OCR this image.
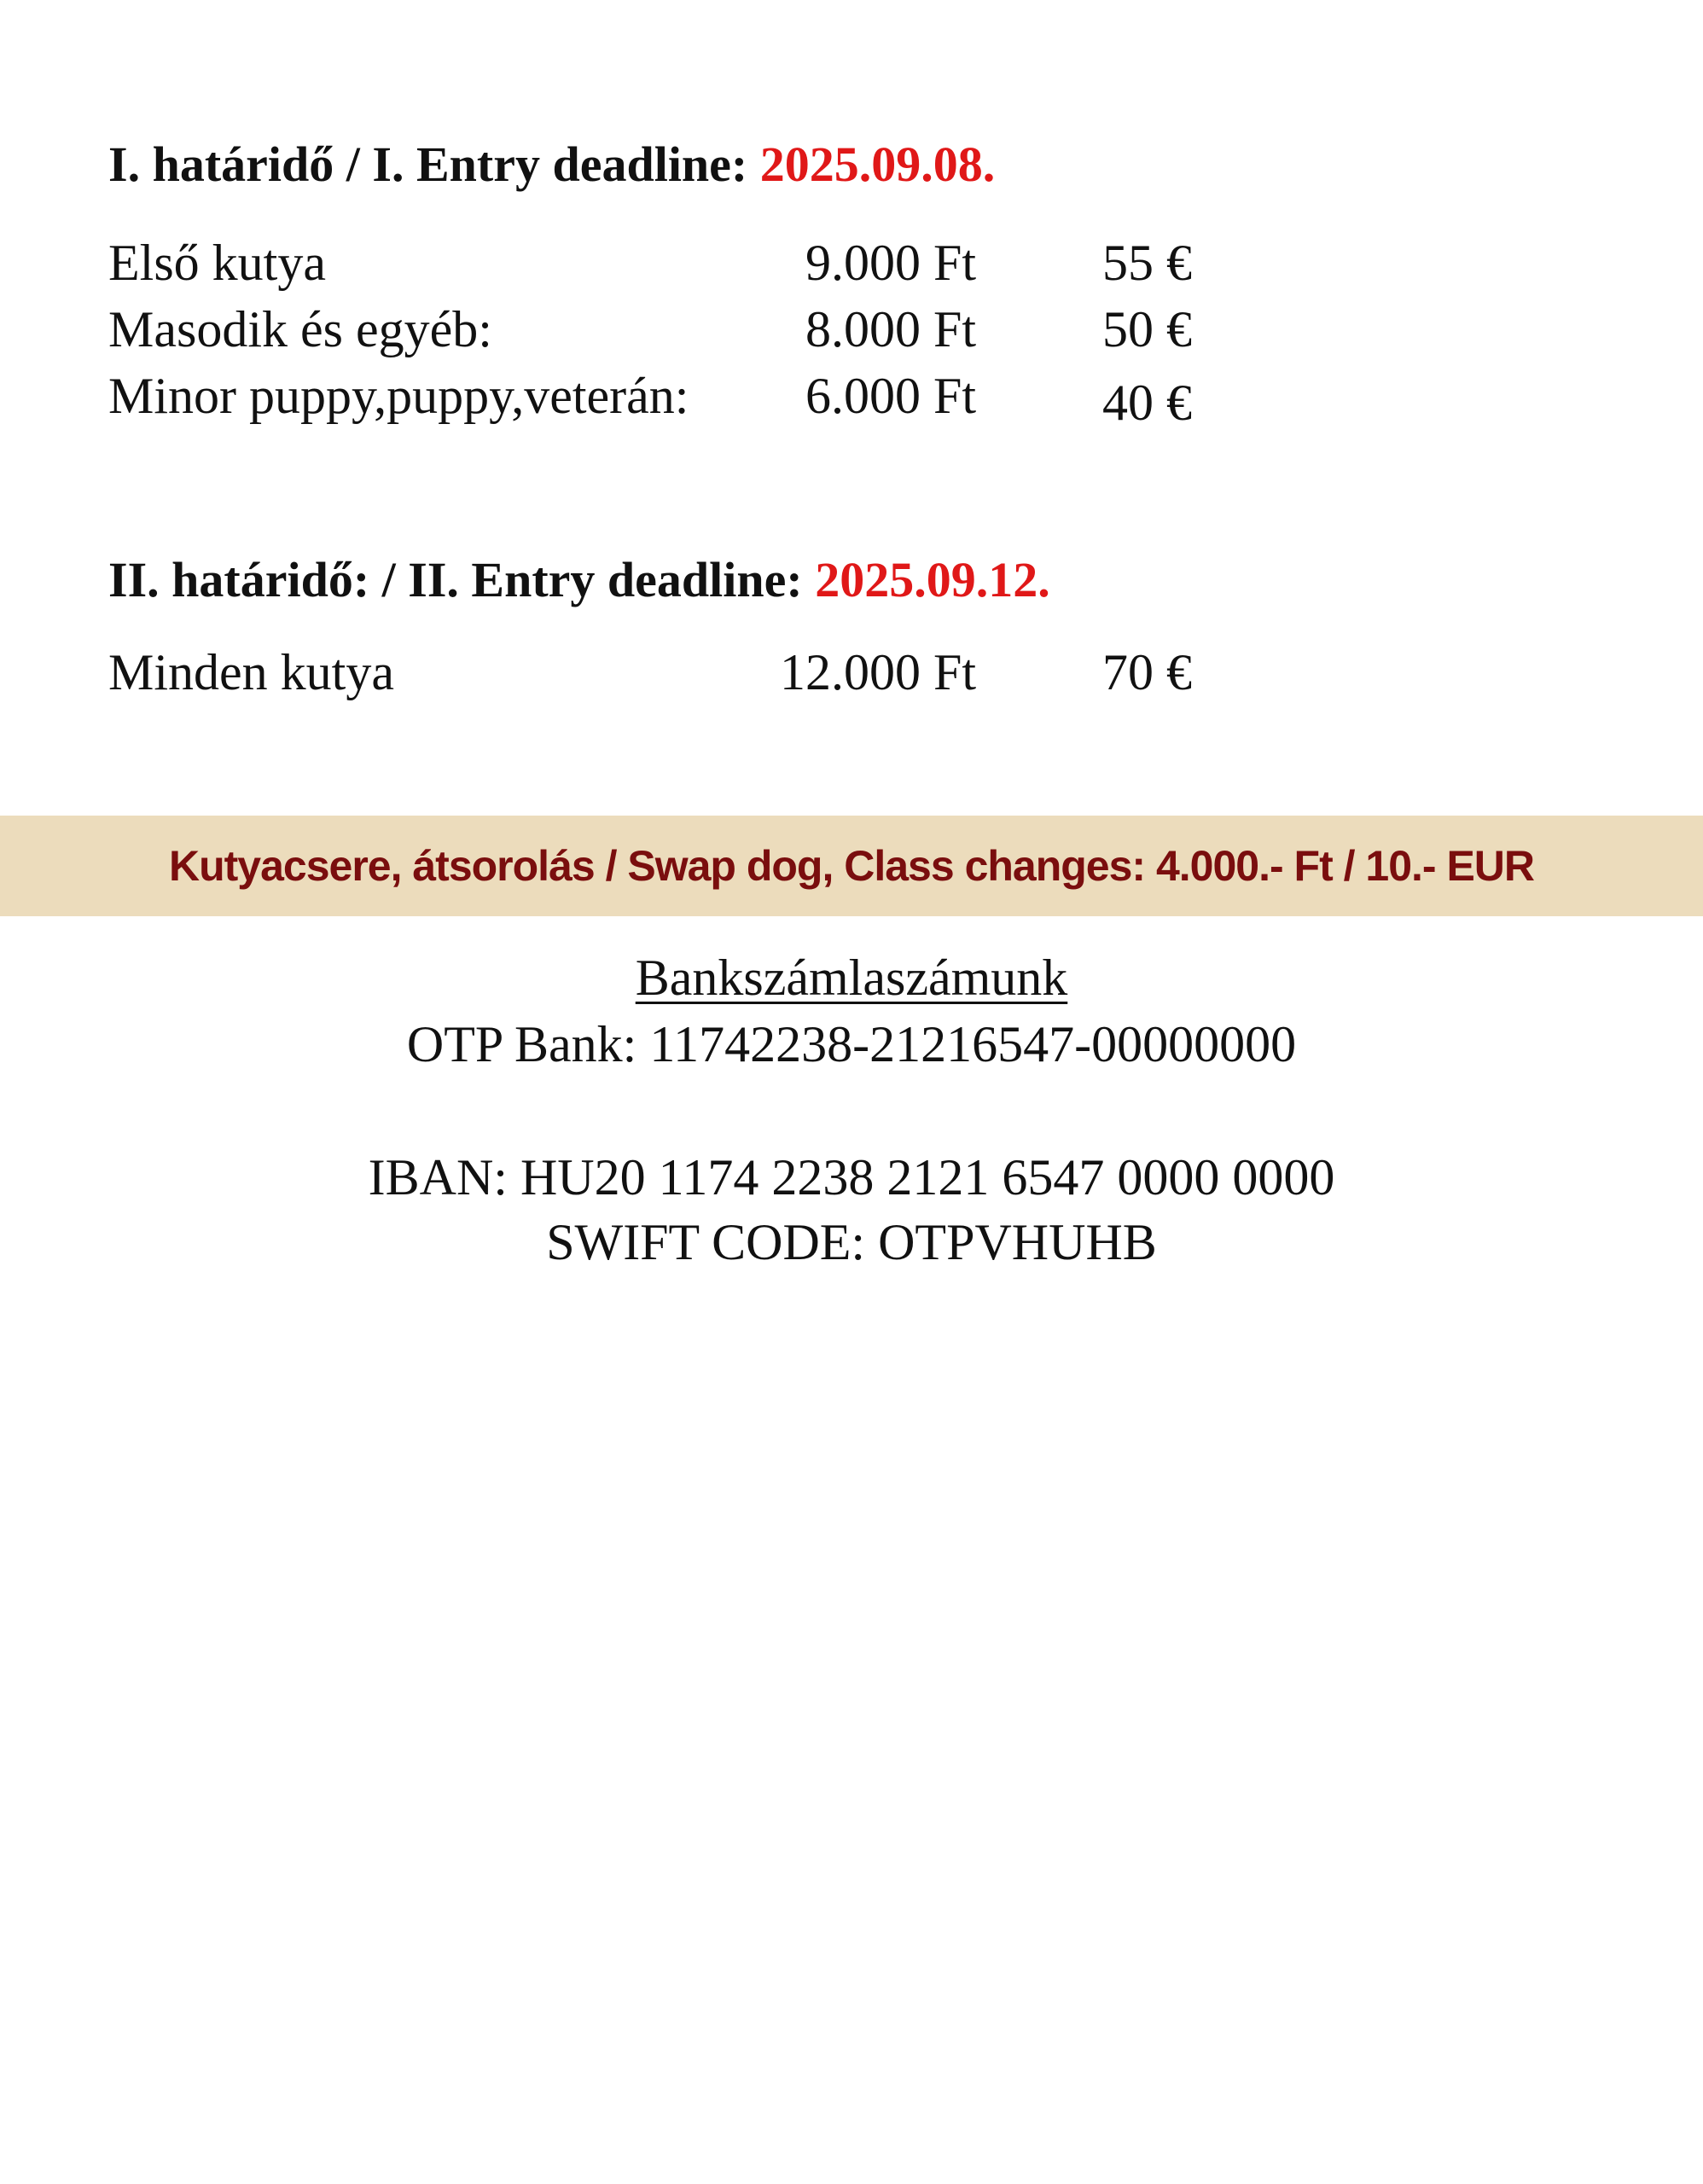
I. határidő / I. Entry deadline: 2025.09.08.
Első kutya	9.000 Ft 55 €
Masodik és egyéb:	8.000 Ft 50 €
Minor puppy,puppy,veterán: 6.000 Ft 40 €
II. határidő: / II. Entry deadline: 2025.09.12.
Minden kutya	12.000 Ft 70 €
Kutyacsere, átsorolás / Swap dog, Class changes: 4.000.- Ft / 10.- EUR
Bankszámlaszámunk
OTP Bank: 11742238-21216547-00000000
IBAN: HU20 1174 2238 2121 6547 0000 0000
SWIFT CODE: OTPVHUHB
